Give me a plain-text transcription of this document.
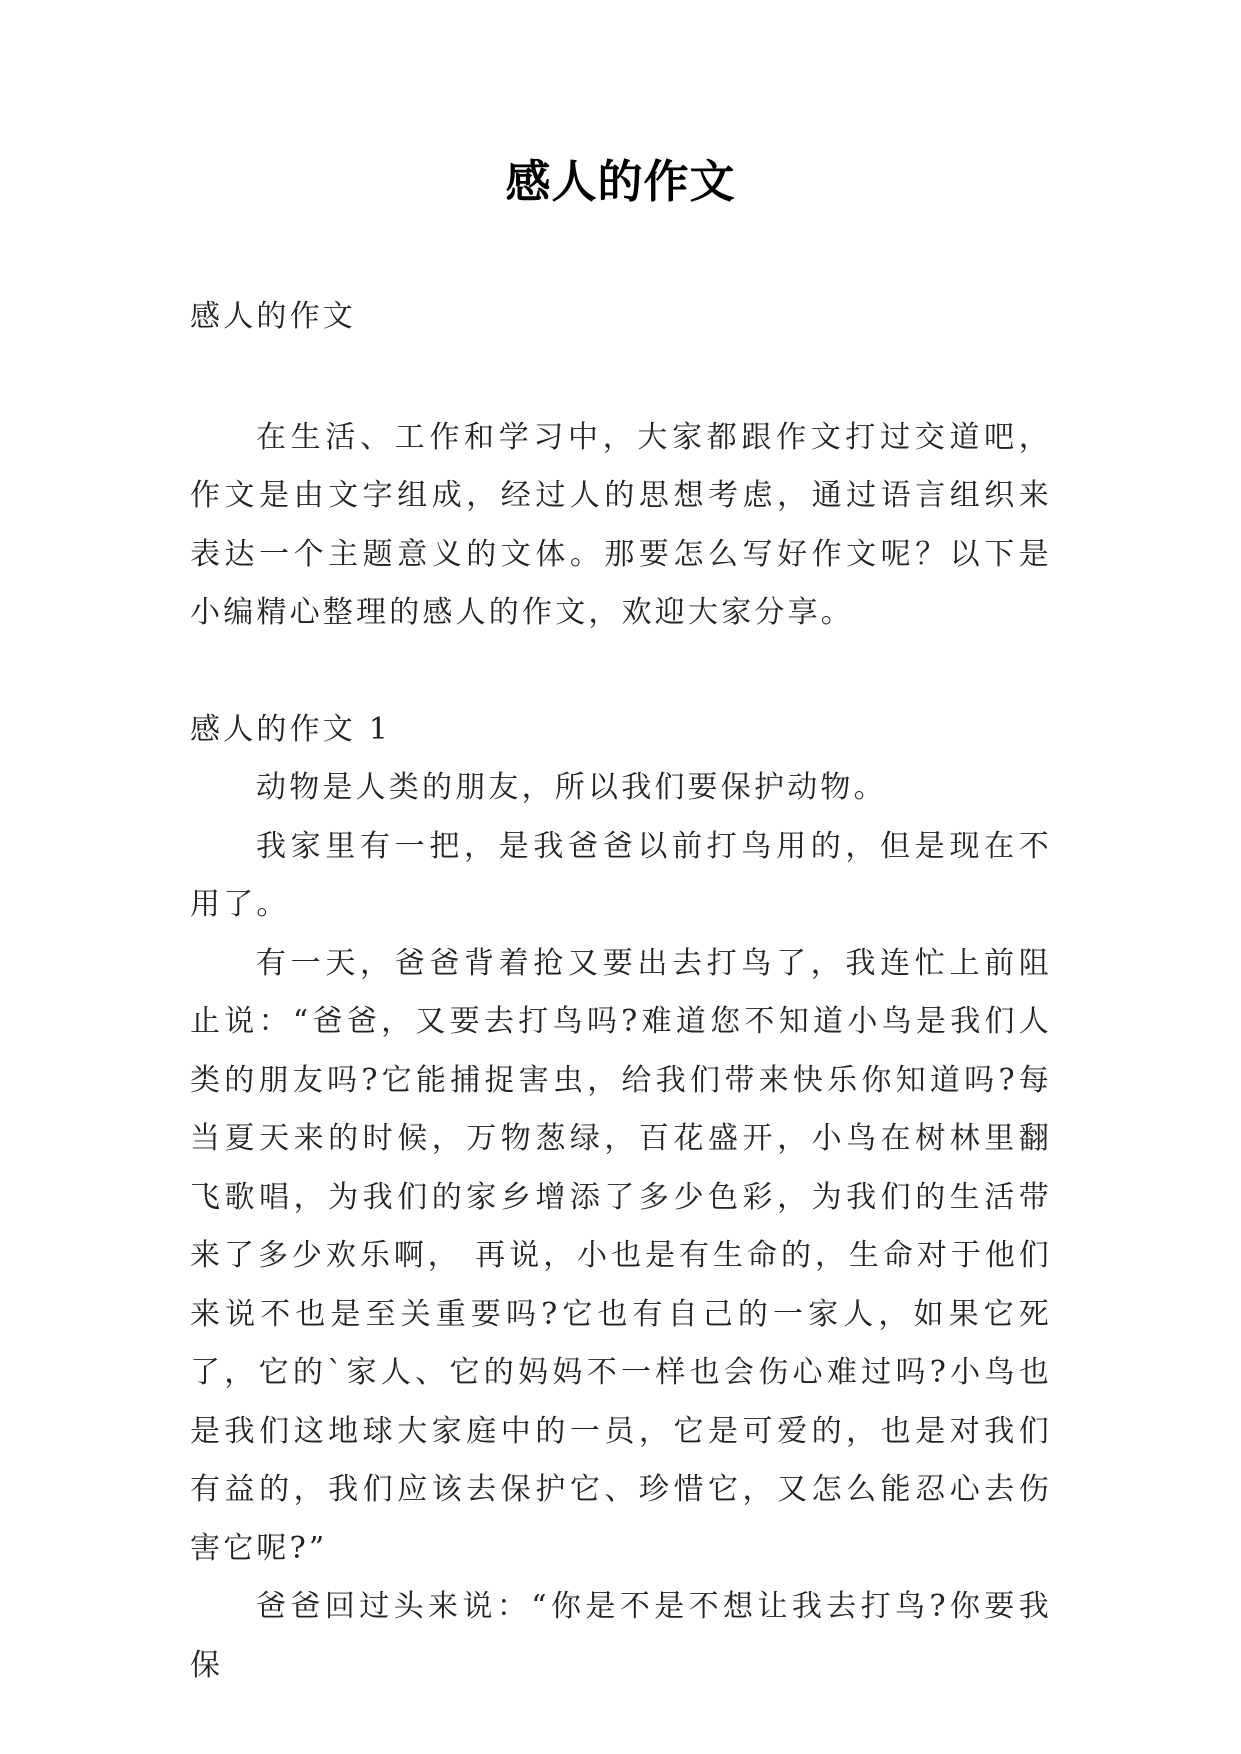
感人的作文

感人的作文

在生活、工作和学习中，大家都跟作文打过交道吧，作文是由文字组成，经过人的思想考虑，通过语言组织来表达一个主题意义的文体。那要怎么写好作文呢？以下是小编精心整理的感人的作文，欢迎大家分享。

感人的作文 1

动物是人类的朋友，所以我们要保护动物。

我家里有一把，是我爸爸以前打鸟用的，但是现在不用了。

有一天，爸爸背着抢又要出去打鸟了，我连忙上前阻止说：“爸爸，又要去打鸟吗?难道您不知道小鸟是我们人类的朋友吗?它能捕捉害虫，给我们带来快乐你知道吗?每当夏天来的时候，万物葱绿，百花盛开，小鸟在树林里翻飞歌唱，为我们的家乡增添了多少色彩，为我们的生活带来了多少欢乐啊， 再说，小也是有生命的，生命对于他们来说不也是至关重要吗?它也有自己的一家人，如果它死了，它的`家人、它的妈妈不一样也会伤心难过吗?小鸟也是我们这地球大家庭中的一员，它是可爱的，也是对我们有益的，我们应该去保护它、珍惜它，又怎么能忍心去伤害它呢?”

爸爸回过头来说：“你是不是不想让我去打鸟?你要我保
